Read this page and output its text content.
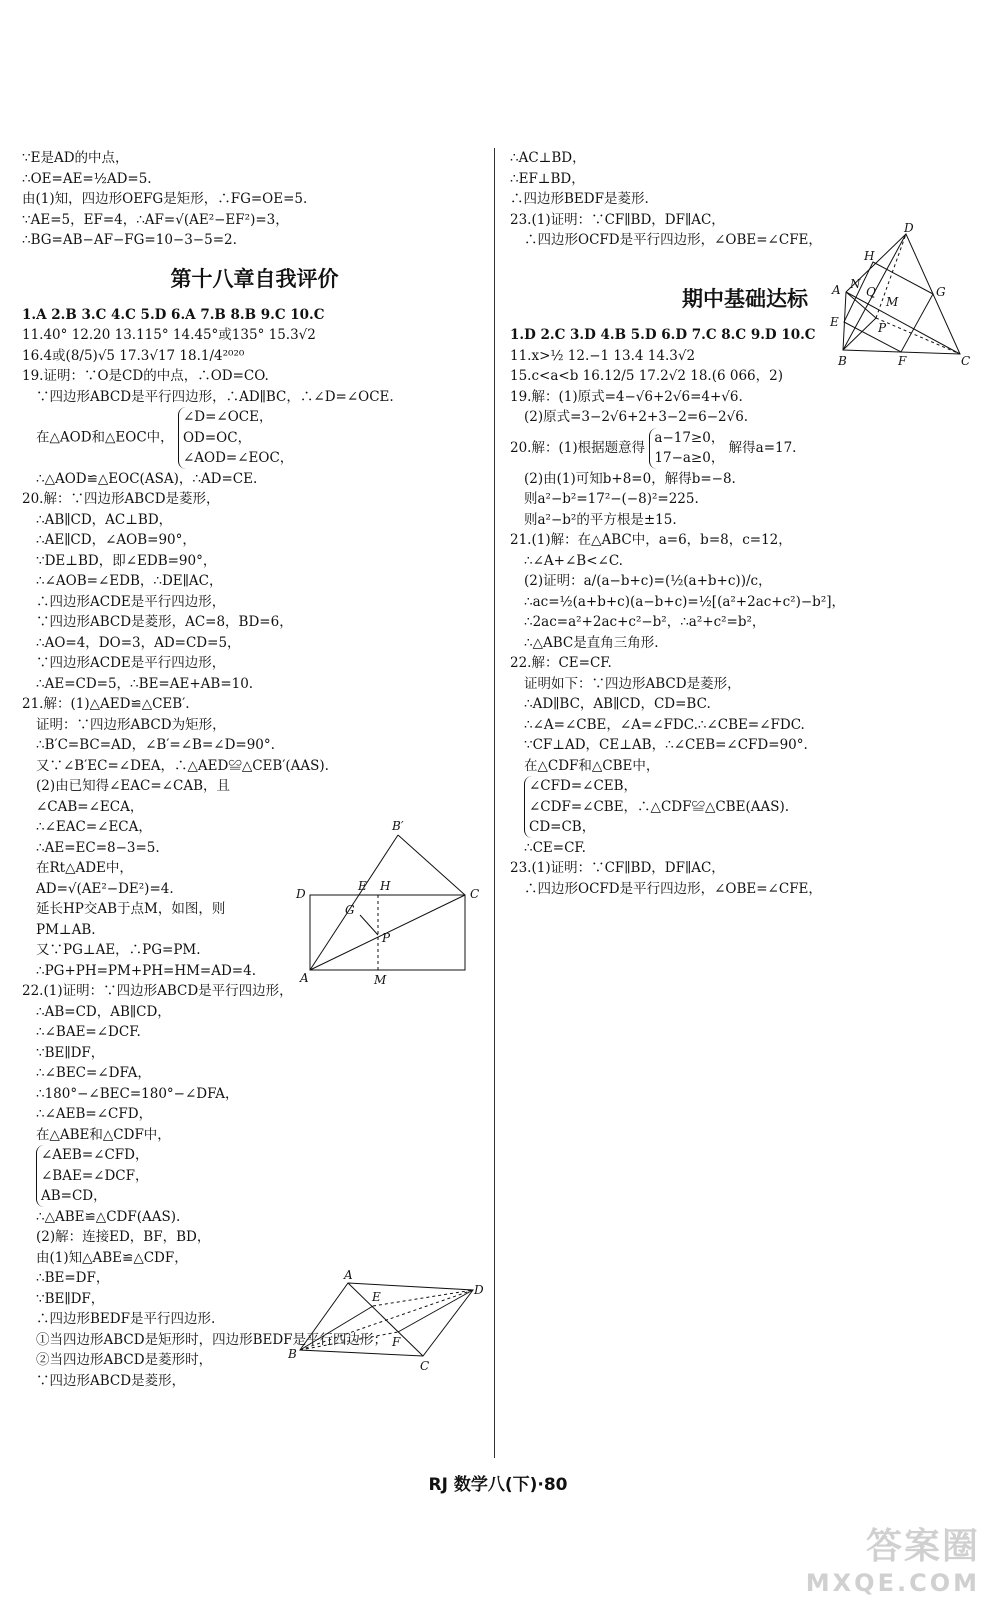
∵E是AD的中点，
∴OE=AE=½AD=5.
由(1)知，四边形OEFG是矩形，∴FG=OE=5.
∵AE=5，EF=4，∴AF=√(AE²−EF²)=3，
∴BG=AB−AF−FG=10−3−5=2.
第十八章自我评价
1.A 2.B 3.C 4.C 5.D 6.A 7.B 8.B 9.C 10.C
11.40° 12.20 13.115° 14.45°或135° 15.3√2
16.4或(8/5)√5 17.3√17 18.1/4²⁰²⁰
19.证明：∵O是CD的中点，∴OD=CO.
∵四边形ABCD是平行四边形，∴AD∥BC，∴∠D=∠OCE.
在△AOD和△EOC中，
∠D=∠OCE，
OD=OC，
∠AOD=∠EOC，
∴△AOD≌△EOC(ASA)，∴AD=CE.
20.解：∵四边形ABCD是菱形，
∴AB∥CD，AC⊥BD，
∴AE∥CD，∠AOB=90°，
∵DE⊥BD，即∠EDB=90°，
∴∠AOB=∠EDB，∴DE∥AC，
∴四边形ACDE是平行四边形，
∵四边形ABCD是菱形，AC=8，BD=6，
∴AO=4，DO=3，AD=CD=5，
∵四边形ACDE是平行四边形，
∴AE=CD=5，∴BE=AE+AB=10.
21.解：(1)△AED≌△CEB′.
证明：∵四边形ABCD为矩形，
∴B′C=BC=AD，∠B′=∠B=∠D=90°.
又∵∠B′EC=∠DEA，∴△AED≌△CEB′(AAS).
(2)由已知得∠EAC=∠CAB，且
∠CAB=∠ECA，
∴∠EAC=∠ECA，
∴AE=EC=8−3=5.
在Rt△ADE中，
AD=√(AE²−DE²)=4.
延长HP交AB于点M，如图，则
PM⊥AB.
又∵PG⊥AE，∴PG=PM.
∴PG+PH=PM+PH=HM=AD=4.
22.(1)证明：∵四边形ABCD是平行四边形，
∴AB=CD，AB∥CD，
∴∠BAE=∠DCF.
∵BE∥DF，
∴∠BEC=∠DFA，
∴180°−∠BEC=180°−∠DFA，
∴∠AEB=∠CFD，
在△ABE和△CDF中，
∠AEB=∠CFD，
∠BAE=∠DCF，
AB=CD，
∴△ABE≌△CDF(AAS).
(2)解：连接ED，BF，BD，
由(1)知△ABE≌△CDF，
∴BE=DF，
∵BE∥DF，
∴四边形BEDF是平行四边形.
①当四边形ABCD是矩形时，四边形BEDF是平行四边形；
②当四边形ABCD是菱形时，
∵四边形ABCD是菱形，
B′
D
E H
C
G
P
A	M
A
D
E
F
B
C
∴AC⊥BD，
∴EF⊥BD，
∴四边形BEDF是菱形.
23.(1)证明：∵CF∥BD，DF∥AC，
∴四边形OCFD是平行四边形，∠OBE=∠CFE，
期中基础达标
1.D 2.C 3.D 4.B 5.D 6.D 7.C 8.C 9.D 10.C
11.x>½ 12.−1 13.4 14.3√2
15.c<a<b 16.12/5 17.2√2 18.(6 066，2)
19.解：(1)原式=4−√6+2√6=4+√6.
(2)原式=3−2√6+2+3−2=6−2√6.
20.解：(1)根据题意得
a−17≥0，
17−a≥0，
解得a=17.
(2)由(1)可知b+8=0，解得b=−8.
则a²−b²=17²−(−8)²=225.
则a²−b²的平方根是±15.
21.(1)解：在△ABC中，a=6，b=8，c=12，
∴∠A+∠B<∠C.
(2)证明：a/(a−b+c)=(½(a+b+c))/c，
∴ac=½(a+b+c)(a−b+c)=½[(a²+2ac+c²)−b²]，
∴2ac=a²+2ac+c²−b²，∴a²+c²=b²，
∴△ABC是直角三角形.
22.解：CE=CF.
证明如下：∵四边形ABCD是菱形，
∴AD∥BC，AB∥CD，CD=BC.
∴∠A=∠CBE，∠A=∠FDC.∴∠CBE=∠FDC.
∵CF⊥AD，CE⊥AB，∴∠CEB=∠CFD=90°.
在△CDF和△CBE中，
∠CFD=∠CEB，
∠CDF=∠CBE，∴△CDF≌△CBE(AAS).
CD=CB，
∴CE=CF.
23.(1)证明：∵CF∥BD，DF∥AC，
∴四边形OCFD是平行四边形，∠OBE=∠CFE，
D
H
A N
Q
M
G
E	P
B	F	C
RJ 数学八(下)·80
答案圈
MXQE.COM
